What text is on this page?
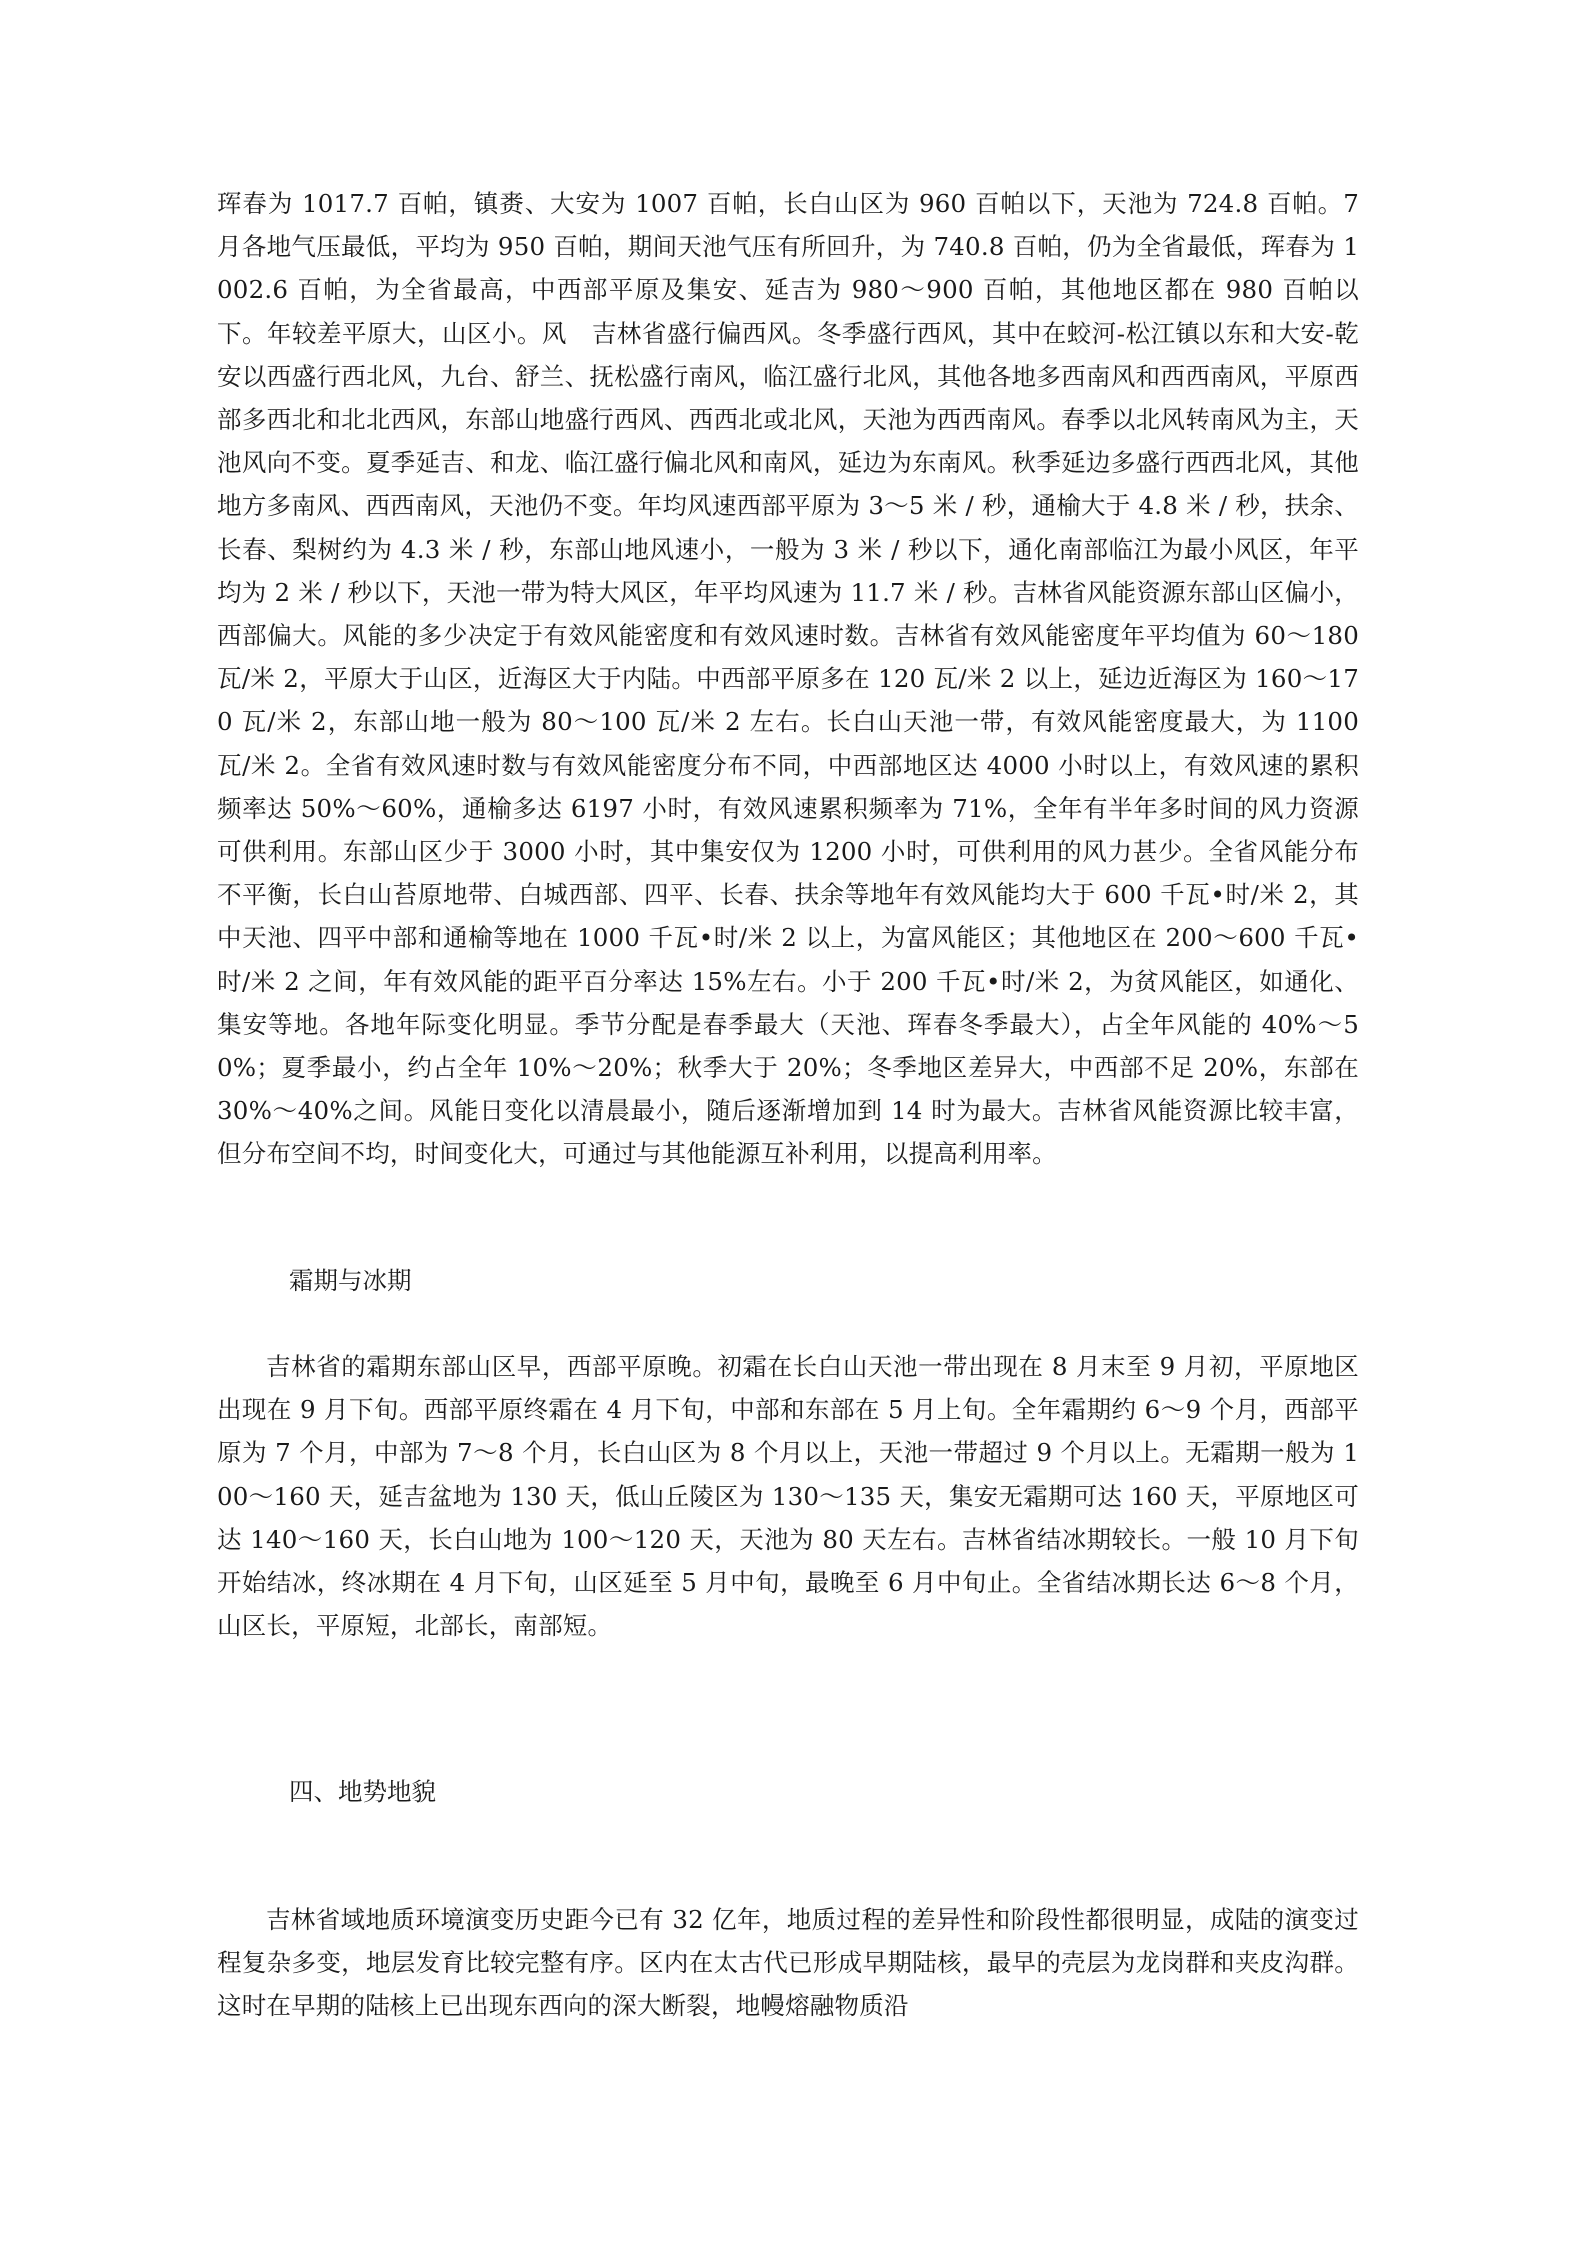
珲春为 1017.7 百帕，镇赉、大安为 1007 百帕，长白山区为 960 百帕以下，天池为 724.8 百帕。7 月各地气压最低，平均为 950 百帕，期间天池气压有所回升，为 740.8 百帕，仍为全省最低，珲春为 1002.6 百帕，为全省最高，中西部平原及集安、延吉为 980～900 百帕，其他地区都在 980 百帕以下。年较差平原大，山区小。风　吉林省盛行偏西风。冬季盛行西风，其中在蛟河-松江镇以东和大安-乾安以西盛行西北风，九台、舒兰、抚松盛行南风，临江盛行北风，其他各地多西南风和西西南风，平原西部多西北和北北西风，东部山地盛行西风、西西北或北风，天池为西西南风。春季以北风转南风为主，天池风向不变。夏季延吉、和龙、临江盛行偏北风和南风，延边为东南风。秋季延边多盛行西西北风，其他地方多南风、西西南风，天池仍不变。年均风速西部平原为 3～5 米 / 秒，通榆大于 4.8 米 / 秒，扶余、长春、梨树约为 4.3 米 / 秒，东部山地风速小，一般为 3 米 / 秒以下，通化南部临江为最小风区，年平均为 2 米 / 秒以下，天池一带为特大风区，年平均风速为 11.7 米 / 秒。吉林省风能资源东部山区偏小，西部偏大。风能的多少决定于有效风能密度和有效风速时数。吉林省有效风能密度年平均值为 60～180 瓦/米 2，平原大于山区，近海区大于内陆。中西部平原多在 120 瓦/米 2 以上，延边近海区为 160～170 瓦/米 2，东部山地一般为 80～100 瓦/米 2 左右。长白山天池一带，有效风能密度最大，为 1100 瓦/米 2。全省有效风速时数与有效风能密度分布不同，中西部地区达 4000 小时以上，有效风速的累积频率达 50%～60%，通榆多达 6197 小时，有效风速累积频率为 71%，全年有半年多时间的风力资源可供利用。东部山区少于 3000 小时，其中集安仅为 1200 小时，可供利用的风力甚少。全省风能分布不平衡，长白山苔原地带、白城西部、四平、长春、扶余等地年有效风能均大于 600 千瓦•时/米 2，其中天池、四平中部和通榆等地在 1000 千瓦•时/米 2 以上，为富风能区；其他地区在 200～600 千瓦•时/米 2 之间，年有效风能的距平百分率达 15%左右。小于 200 千瓦•时/米 2，为贫风能区，如通化、集安等地。各地年际变化明显。季节分配是春季最大（天池、珲春冬季最大），占全年风能的 40%～50%；夏季最小，约占全年 10%～20%；秋季大于 20%；冬季地区差异大，中西部不足 20%，东部在 30%～40%之间。风能日变化以清晨最小，随后逐渐增加到 14 时为最大。吉林省风能资源比较丰富，但分布空间不均，时间变化大，可通过与其他能源互补利用，以提高利用率。
霜期与冰期
吉林省的霜期东部山区早，西部平原晚。初霜在长白山天池一带出现在 8 月末至 9 月初，平原地区出现在 9 月下旬。西部平原终霜在 4 月下旬，中部和东部在 5 月上旬。全年霜期约 6～9 个月，西部平原为 7 个月，中部为 7～8 个月，长白山区为 8 个月以上，天池一带超过 9 个月以上。无霜期一般为 100～160 天，延吉盆地为 130 天，低山丘陵区为 130～135 天，集安无霜期可达 160 天，平原地区可达 140～160 天，长白山地为 100～120 天，天池为 80 天左右。吉林省结冰期较长。一般 10 月下旬开始结冰，终冰期在 4 月下旬，山区延至 5 月中旬，最晚至 6 月中旬止。全省结冰期长达 6～8 个月，山区长，平原短，北部长，南部短。
四、地势地貌
吉林省域地质环境演变历史距今已有 32 亿年，地质过程的差异性和阶段性都很明显，成陆的演变过程复杂多变，地层发育比较完整有序。区内在太古代已形成早期陆核，最早的壳层为龙岗群和夹皮沟群。这时在早期的陆核上已出现东西向的深大断裂，地幔熔融物质沿
